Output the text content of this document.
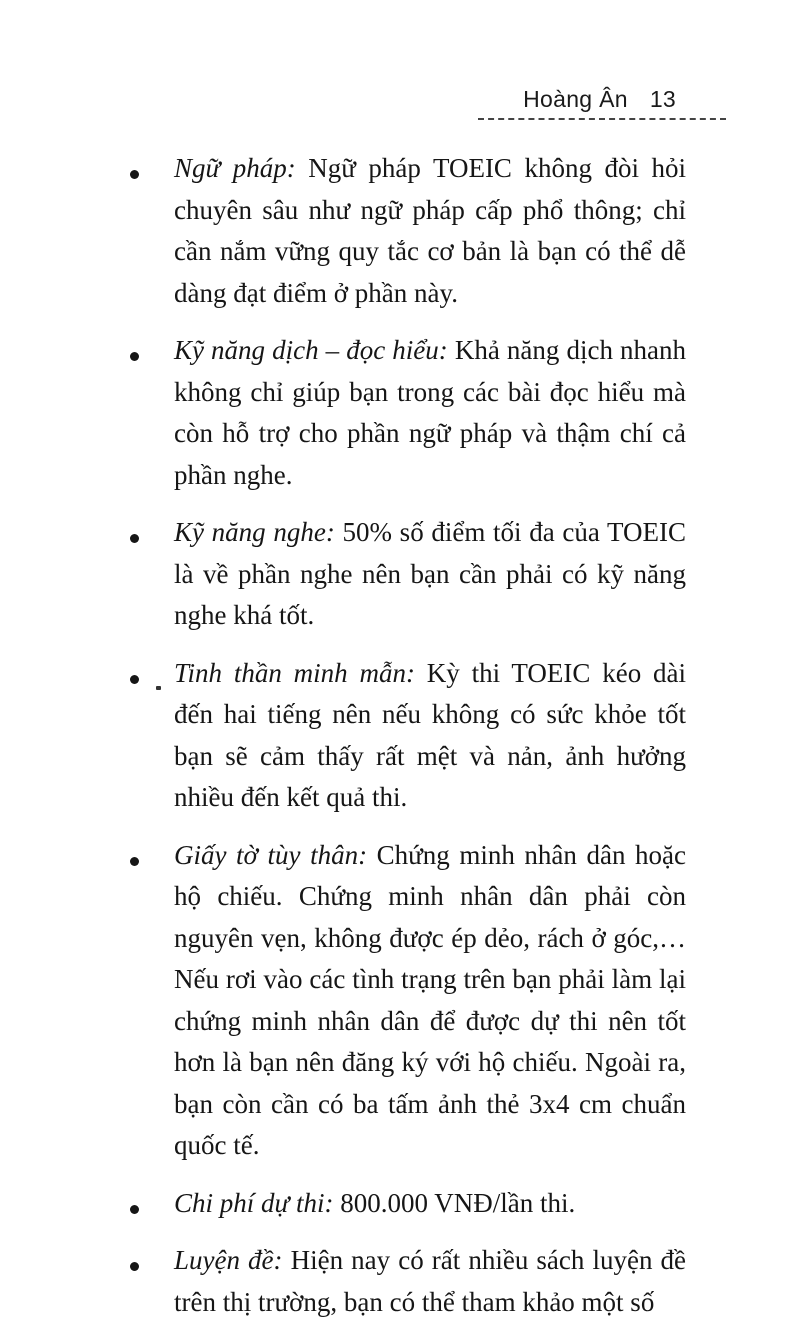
Hoàng Ân 13
Ngữ pháp: Ngữ pháp TOEIC không đòi hỏi chuyên sâu như ngữ pháp cấp phổ thông; chỉ cần nắm vững quy tắc cơ bản là bạn có thể dễ dàng đạt điểm ở phần này.
Kỹ năng dịch – đọc hiểu: Khả năng dịch nhanh không chỉ giúp bạn trong các bài đọc hiểu mà còn hỗ trợ cho phần ngữ pháp và thậm chí cả phần nghe.
Kỹ năng nghe: 50% số điểm tối đa của TOEIC là về phần nghe nên bạn cần phải có kỹ năng nghe khá tốt.
Tinh thần minh mẫn: Kỳ thi TOEIC kéo dài đến hai tiếng nên nếu không có sức khỏe tốt bạn sẽ cảm thấy rất mệt và nản, ảnh hưởng nhiều đến kết quả thi.
Giấy tờ tùy thân: Chứng minh nhân dân hoặc hộ chiếu. Chứng minh nhân dân phải còn nguyên vẹn, không được ép dẻo, rách ở góc,… Nếu rơi vào các tình trạng trên bạn phải làm lại chứng minh nhân dân để được dự thi nên tốt hơn là bạn nên đăng ký với hộ chiếu. Ngoài ra, bạn còn cần có ba tấm ảnh thẻ 3x4 cm chuẩn quốc tế.
Chi phí dự thi: 800.000 VNĐ/lần thi.
Luyện đề: Hiện nay có rất nhiều sách luyện đề trên thị trường, bạn có thể tham khảo một số
